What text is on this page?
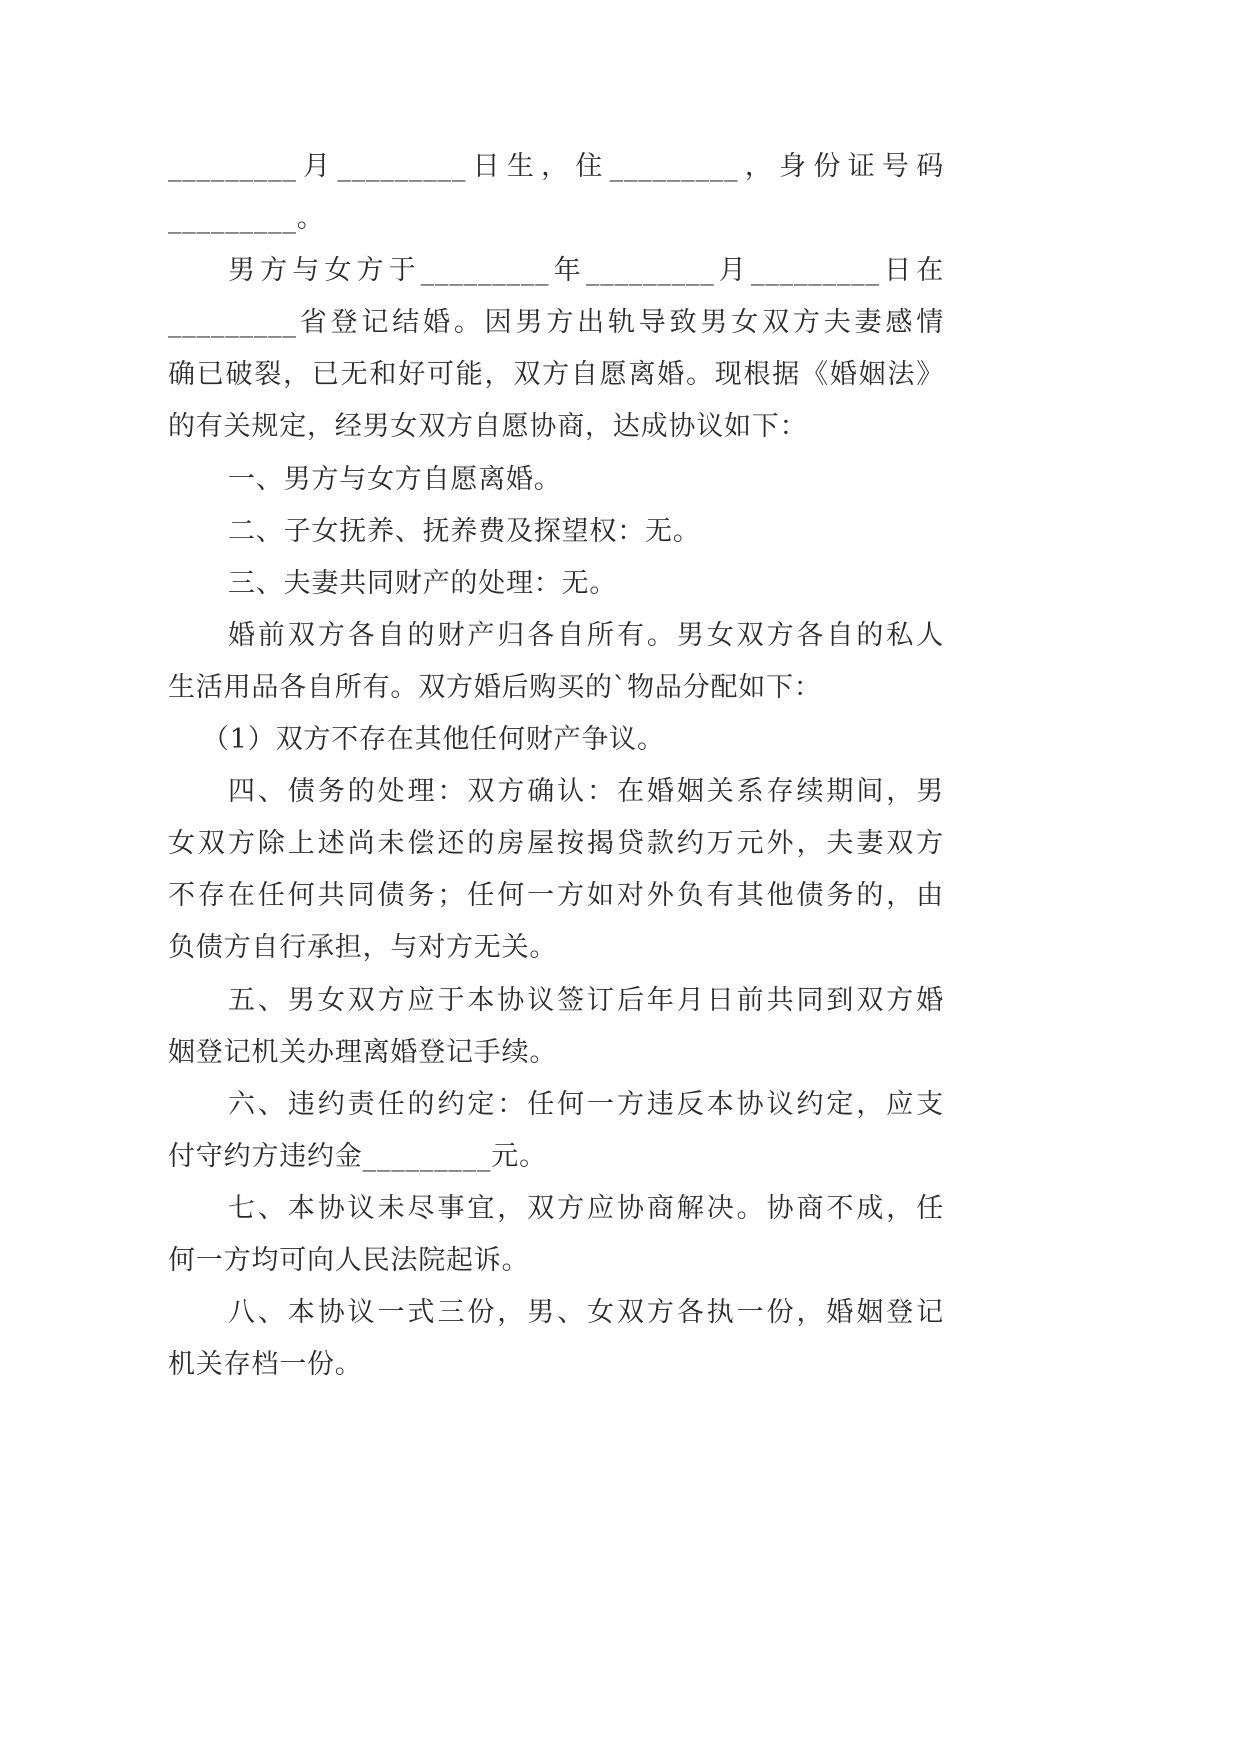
_________月_________日生，住_________，身份证号码
_________。
男方与女方于_________年_________月_________日在
_________省登记结婚。因男方出轨导致男女双方夫妻感情
确已破裂，已无和好可能，双方自愿离婚。现根据《婚姻法》
的有关规定，经男女双方自愿协商，达成协议如下：
一、男方与女方自愿离婚。
二、子女抚养、抚养费及探望权：无。
三、夫妻共同财产的处理：无。
婚前双方各自的财产归各自所有。男女双方各自的私人
生活用品各自所有。双方婚后购买的`物品分配如下：
（1）双方不存在其他任何财产争议。
四、债务的处理：双方确认：在婚姻关系存续期间，男
女双方除上述尚未偿还的房屋按揭贷款约万元外，夫妻双方
不存在任何共同债务；任何一方如对外负有其他债务的，由
负债方自行承担，与对方无关。
五、男女双方应于本协议签订后年月日前共同到双方婚
姻登记机关办理离婚登记手续。
六、违约责任的约定：任何一方违反本协议约定，应支
付守约方违约金_________元。
七、本协议未尽事宜，双方应协商解决。协商不成，任
何一方均可向人民法院起诉。
八、本协议一式三份，男、女双方各执一份，婚姻登记
机关存档一份。
